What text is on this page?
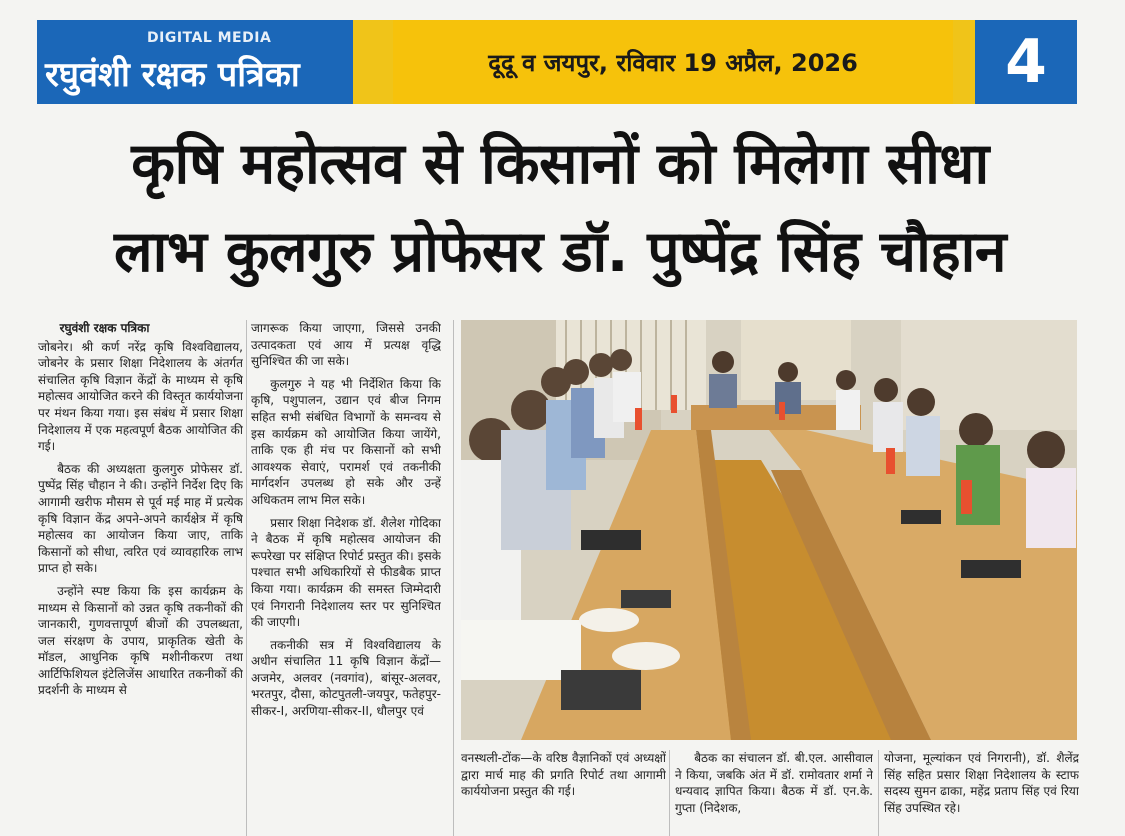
DIGITAL MEDIA
रघुवंशी रक्षक पत्रिका	दूदू व जयपुर, रविवार 19 अप्रैल, 2026	4
कृषि महोत्सव से किसानों को मिलेगा सीधा
लाभ कुलगुरु प्रोफेसर डॉ. पुष्पेंद्र सिंह चौहान

रघुवंशी रक्षक पत्रिका

जोबनेर। श्री कर्ण नरेंद्र कृषि विश्वविद्यालय, जोबनेर के प्रसार शिक्षा निदेशालय के अंतर्गत संचालित कृषि विज्ञान केंद्रों के माध्यम से कृषि महोत्सव आयोजित करने की विस्तृत कार्ययोजना पर मंथन किया गया। इस संबंध में प्रसार शिक्षा निदेशालय में एक महत्वपूर्ण बैठक आयोजित की गई।

बैठक की अध्यक्षता कुलगुरु प्रोफेसर डॉ. पुष्पेंद्र सिंह चौहान ने की। उन्होंने निर्देश दिए कि आगामी खरीफ मौसम से पूर्व मई माह में प्रत्येक कृषि विज्ञान केंद्र अपने-अपने कार्यक्षेत्र में कृषि महोत्सव का आयोजन किया जाए, ताकि किसानों को सीधा, त्वरित एवं व्यावहारिक लाभ प्राप्त हो सके।

उन्होंने स्पष्ट किया कि इस कार्यक्रम के माध्यम से किसानों को उन्नत कृषि तकनीकों की जानकारी, गुणवत्तापूर्ण बीजों की उपलब्धता, जल संरक्षण के उपाय, प्राकृतिक खेती के मॉडल, आधुनिक कृषि मशीनीकरण तथा आर्टिफिशियल इंटेलिजेंस आधारित तकनीकों की प्रदर्शनी के माध्यम से

जागरूक किया जाएगा, जिससे उनकी उत्पादकता एवं आय में प्रत्यक्ष वृद्धि सुनिश्चित की जा सके।

कुलगुरु ने यह भी निर्देशित किया कि कृषि, पशुपालन, उद्यान एवं बीज निगम सहित सभी संबंधित विभागों के समन्वय से इस कार्यक्रम को आयोजित किया जायेंगे, ताकि एक ही मंच पर किसानों को सभी आवश्यक सेवाएं, परामर्श एवं तकनीकी मार्गदर्शन उपलब्ध हो सके और उन्हें अधिकतम लाभ मिल सके।

प्रसार शिक्षा निदेशक डॉ. शैलेश गोदिका ने बैठक में कृषि महोत्सव आयोजन की रूपरेखा पर संक्षिप्त रिपोर्ट प्रस्तुत की। इसके पश्चात सभी अधिकारियों से फीडबैक प्राप्त किया गया। कार्यक्रम की समस्त जिम्मेदारी एवं निगरानी निदेशालय स्तर पर सुनिश्चित की जाएगी।

तकनीकी सत्र में विश्वविद्यालय के अधीन संचालित 11 कृषि विज्ञान केंद्रों—अजमेर, अलवर (नवगांव), बांसूर-अलवर, भरतपुर, दौसा, कोटपुतली-जयपुर, फतेहपुर-सीकर-I, अरणिया-सीकर-II, धौलपुर एवं

वनस्थली-टोंक—के वरिष्ठ वैज्ञानिकों एवं अध्यक्षों द्वारा मार्च माह की प्रगति रिपोर्ट तथा आगामी कार्ययोजना प्रस्तुत की गई।

बैठक का संचालन डॉ. बी.एल. आसीवाल ने किया, जबकि अंत में डॉ. रामोवतार शर्मा ने धन्यवाद ज्ञापित किया। बैठक में डॉ. एन.के. गुप्ता (निदेशक,

योजना, मूल्यांकन एवं निगरानी), डॉ. शैलेंद्र सिंह सहित प्रसार शिक्षा निदेशालय के स्टाफ सदस्य सुमन ढाका, महेंद्र प्रताप सिंह एवं रिया सिंह उपस्थित रहे।
